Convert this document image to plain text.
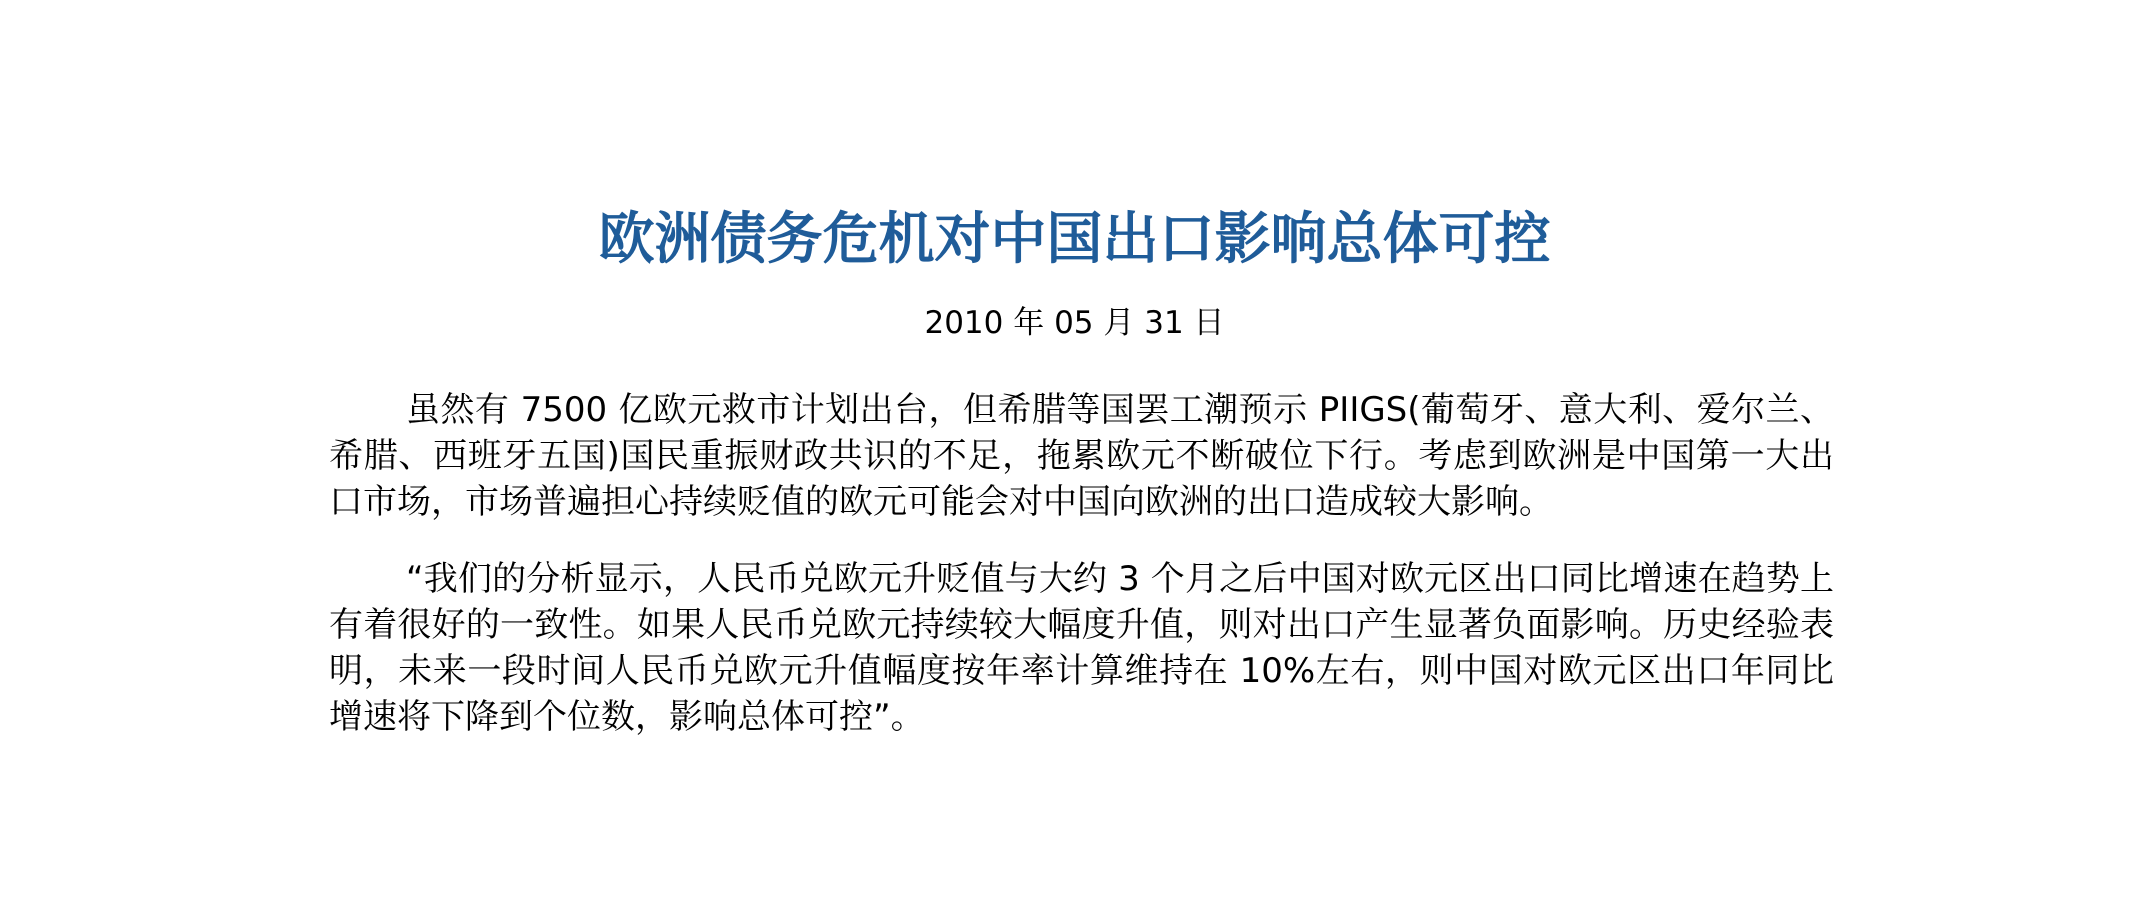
欧洲债务危机对中国出口影响总体可控
2010 年 05 月 31 日

虽然有 7500 亿欧元救市计划出台，但希腊等国罢工潮预示 PIIGS(葡萄牙、意大利、爱尔兰、希腊、西班牙五国)国民重振财政共识的不足，拖累欧元不断破位下行。考虑到欧洲是中国第一大出口市场，市场普遍担心持续贬值的欧元可能会对中国向欧洲的出口造成较大影响。

“我们的分析显示，人民币兑欧元升贬值与大约 3 个月之后中国对欧元区出口同比增速在趋势上有着很好的一致性。如果人民币兑欧元持续较大幅度升值，则对出口产生显著负面影响。历史经验表明，未来一段时间人民币兑欧元升值幅度按年率计算维持在 10%左右，则中国对欧元区出口年同比增速将下降到个位数，影响总体可控”。
